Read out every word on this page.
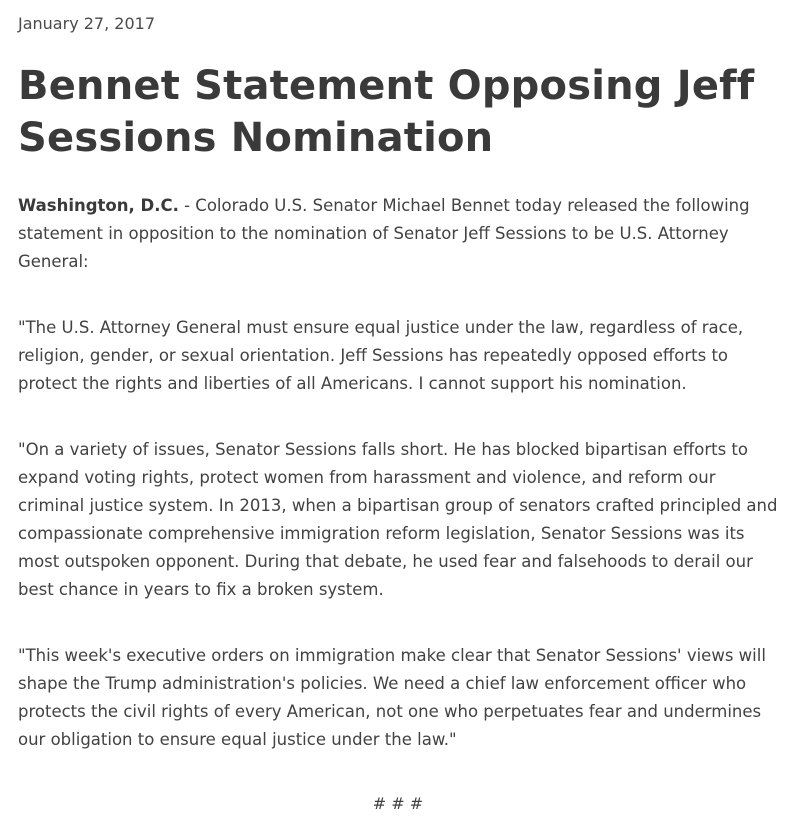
January 27, 2017
Bennet Statement Opposing Jeff Sessions Nomination

Washington, D.C. - Colorado U.S. Senator Michael Bennet today released the following statement in opposition to the nomination of Senator Jeff Sessions to be U.S. Attorney General:

"The U.S. Attorney General must ensure equal justice under the law, regardless of race, religion, gender, or sexual orientation. Jeff Sessions has repeatedly opposed efforts to protect the rights and liberties of all Americans. I cannot support his nomination.

"On a variety of issues, Senator Sessions falls short. He has blocked bipartisan efforts to expand voting rights, protect women from harassment and violence, and reform our criminal justice system. In 2013, when a bipartisan group of senators crafted principled and compassionate comprehensive immigration reform legislation, Senator Sessions was its most outspoken opponent. During that debate, he used fear and falsehoods to derail our best chance in years to fix a broken system.

"This week's executive orders on immigration make clear that Senator Sessions' views will shape the Trump administration's policies. We need a chief law enforcement officer who protects the civil rights of every American, not one who perpetuates fear and undermines our obligation to ensure equal justice under the law."

# # #
